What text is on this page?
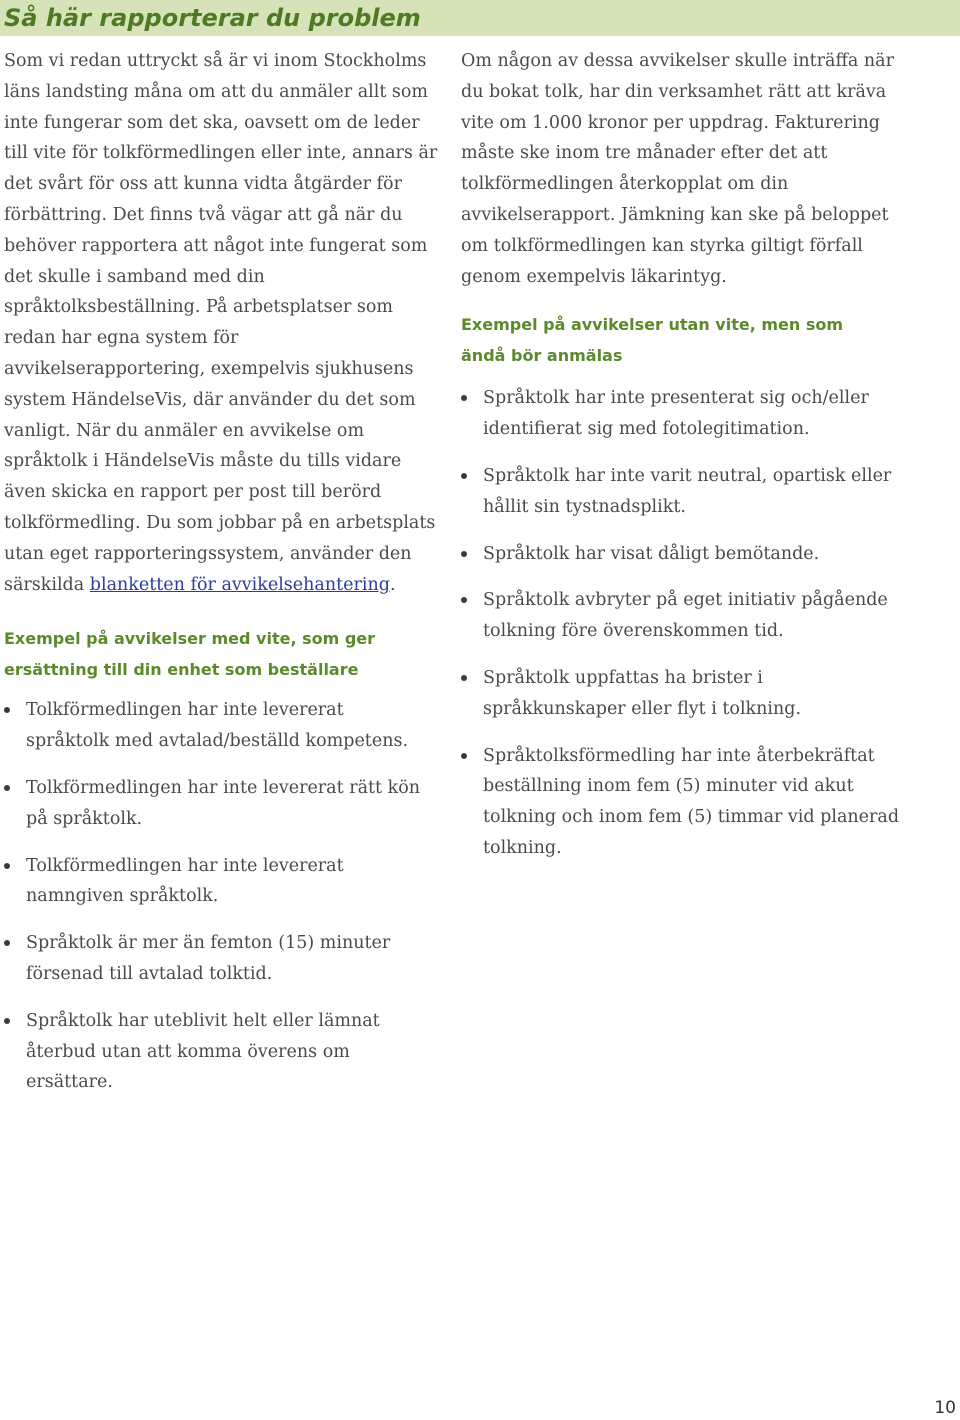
Så här rapporterar du problem

Som vi redan uttryckt så är vi inom Stockholms läns landsting måna om att du anmäler allt som inte fungerar som det ska, oavsett om de leder till vite för tolkförmedlingen eller inte, annars är det svårt för oss att kunna vidta åtgärder för förbättring. Det finns två vägar att gå när du behöver rapportera att något inte fungerat som det skulle i samband med din språktolksbeställning. På arbetsplatser som redan har egna system för avvikelserapportering, exempelvis sjukhusens system HändelseVis, där använder du det som vanligt. När du anmäler en avvikelse om språktolk i HändelseVis måste du tills vidare även skicka en rapport per post till berörd tolkförmedling. Du som jobbar på en arbetsplats utan eget rapporteringssystem, använder den särskilda blanketten för avvikelsehantering.

Exempel på avvikelser med vite, som ger ersättning till din enhet som beställare

Tolkförmedlingen har inte levererat språktolk med avtalad/beställd kompetens.
Tolkförmedlingen har inte levererat rätt kön på språktolk.
Tolkförmedlingen har inte levererat namngiven språktolk.
Språktolk är mer än femton (15) minuter försenad till avtalad tolktid.
Språktolk har uteblivit helt eller lämnat återbud utan att komma överens om ersättare.

Om någon av dessa avvikelser skulle inträffa när du bokat tolk, har din verksamhet rätt att kräva vite om 1.000 kronor per uppdrag. Fakturering måste ske inom tre månader efter det att tolkförmedlingen återkopplat om din avvikelserapport. Jämkning kan ske på beloppet om tolkförmedlingen kan styrka giltigt förfall genom exempelvis läkarintyg.

Exempel på avvikelser utan vite, men som ändå bör anmälas

Språktolk har inte presenterat sig och/eller identifierat sig med fotolegitimation.
Språktolk har inte varit neutral, opartisk eller hållit sin tystnadsplikt.
Språktolk har visat dåligt bemötande.
Språktolk avbryter på eget initiativ pågående tolkning före överenskommen tid.
Språktolk uppfattas ha brister i språkkunskaper eller flyt i tolkning.
Språktolksförmedling har inte återbekräftat beställning inom fem (5) minuter vid akut tolkning och inom fem (5) timmar vid planerad tolkning.
10
